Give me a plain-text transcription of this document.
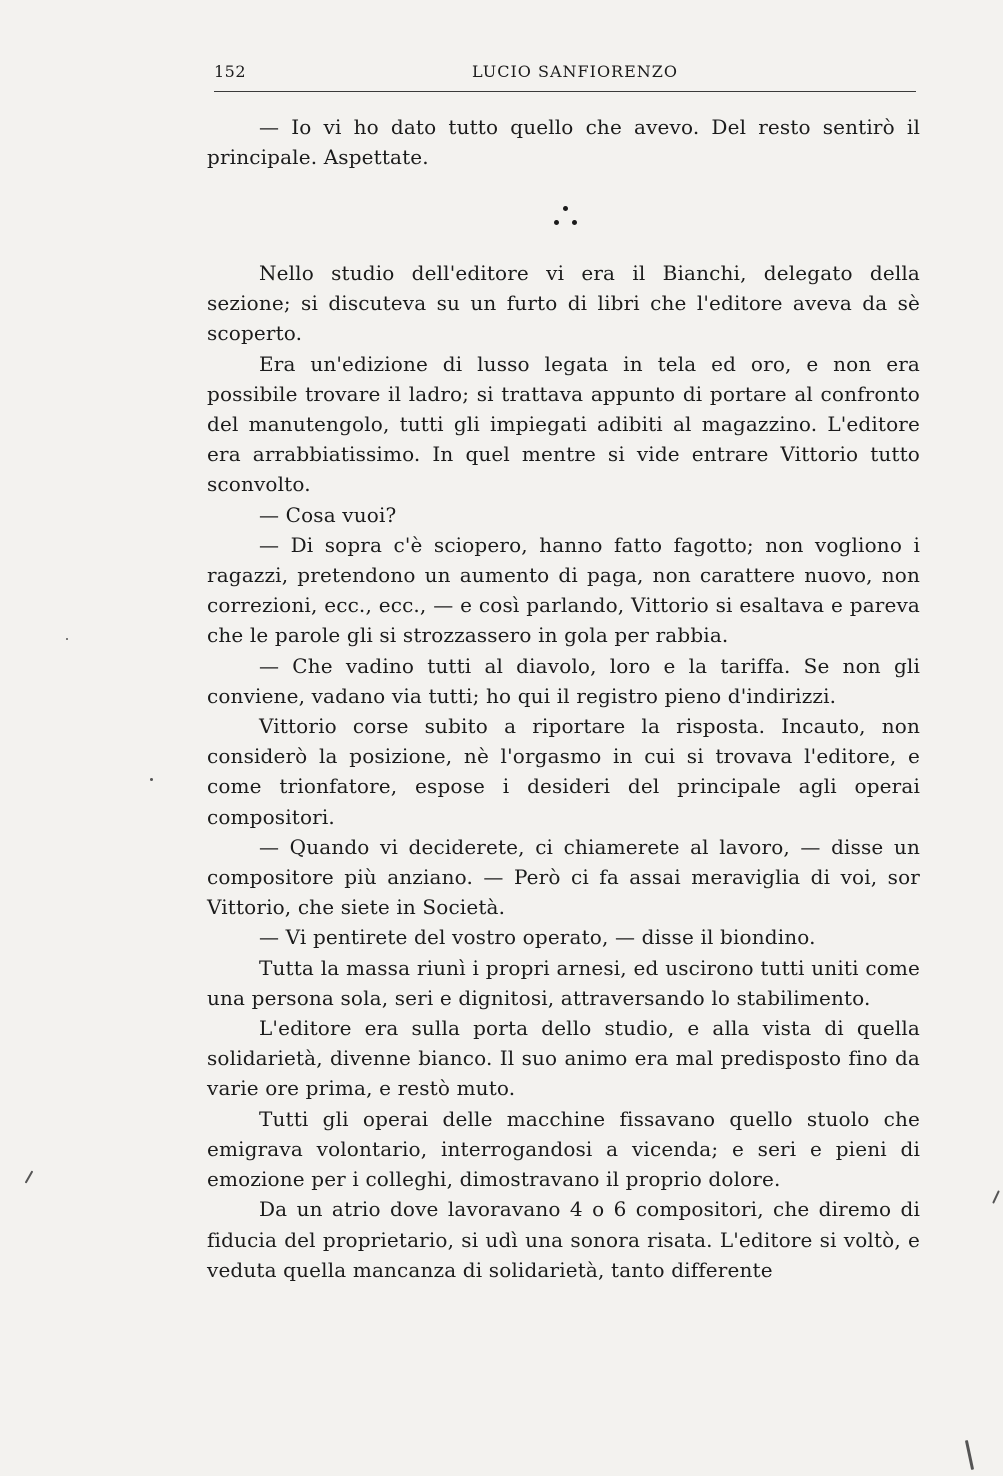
152	LUCIO SANFIORENZO

— Io vi ho dato tutto quello che avevo. Del resto sentirò il principale. Aspettate.

Nello studio dell'editore vi era il Bianchi, delegato della sezione; si discuteva su un furto di libri che l'editore aveva da sè scoperto.

Era un'edizione di lusso legata in tela ed oro, e non era possibile trovare il ladro; si trattava appunto di portare al confronto del manutengolo, tutti gli impiegati adibiti al magazzino. L'editore era arrabbiatissimo. In quel mentre si vide entrare Vittorio tutto sconvolto.

— Cosa vuoi?

— Di sopra c'è sciopero, hanno fatto fagotto; non vogliono i ragazzi, pretendono un aumento di paga, non carattere nuovo, non correzioni, ecc., ecc., — e così parlando, Vittorio si esaltava e pareva che le parole gli si strozzassero in gola per rabbia.

— Che vadino tutti al diavolo, loro e la tariffa. Se non gli conviene, vadano via tutti; ho qui il registro pieno d'indirizzi.

Vittorio corse subito a riportare la risposta. Incauto, non considerò la posizione, nè l'orgasmo in cui si trovava l'editore, e come trionfatore, espose i desideri del principale agli operai compositori.

— Quando vi deciderete, ci chiamerete al lavoro, — disse un compositore più anziano. — Però ci fa assai meraviglia di voi, sor Vittorio, che siete in Società.

— Vi pentirete del vostro operato, — disse il biondino.

Tutta la massa riunì i propri arnesi, ed uscirono tutti uniti come una persona sola, seri e dignitosi, attraversando lo stabilimento.

L'editore era sulla porta dello studio, e alla vista di quella solidarietà, divenne bianco. Il suo animo era mal predisposto fino da varie ore prima, e restò muto.

Tutti gli operai delle macchine fissavano quello stuolo che emigrava volontario, interrogandosi a vicenda; e seri e pieni di emozione per i colleghi, dimostravano il proprio dolore.

Da un atrio dove lavoravano 4 o 6 compositori, che diremo di fiducia del proprietario, si udì una sonora risata. L'editore si voltò, e veduta quella mancanza di solidarietà, tanto differente
